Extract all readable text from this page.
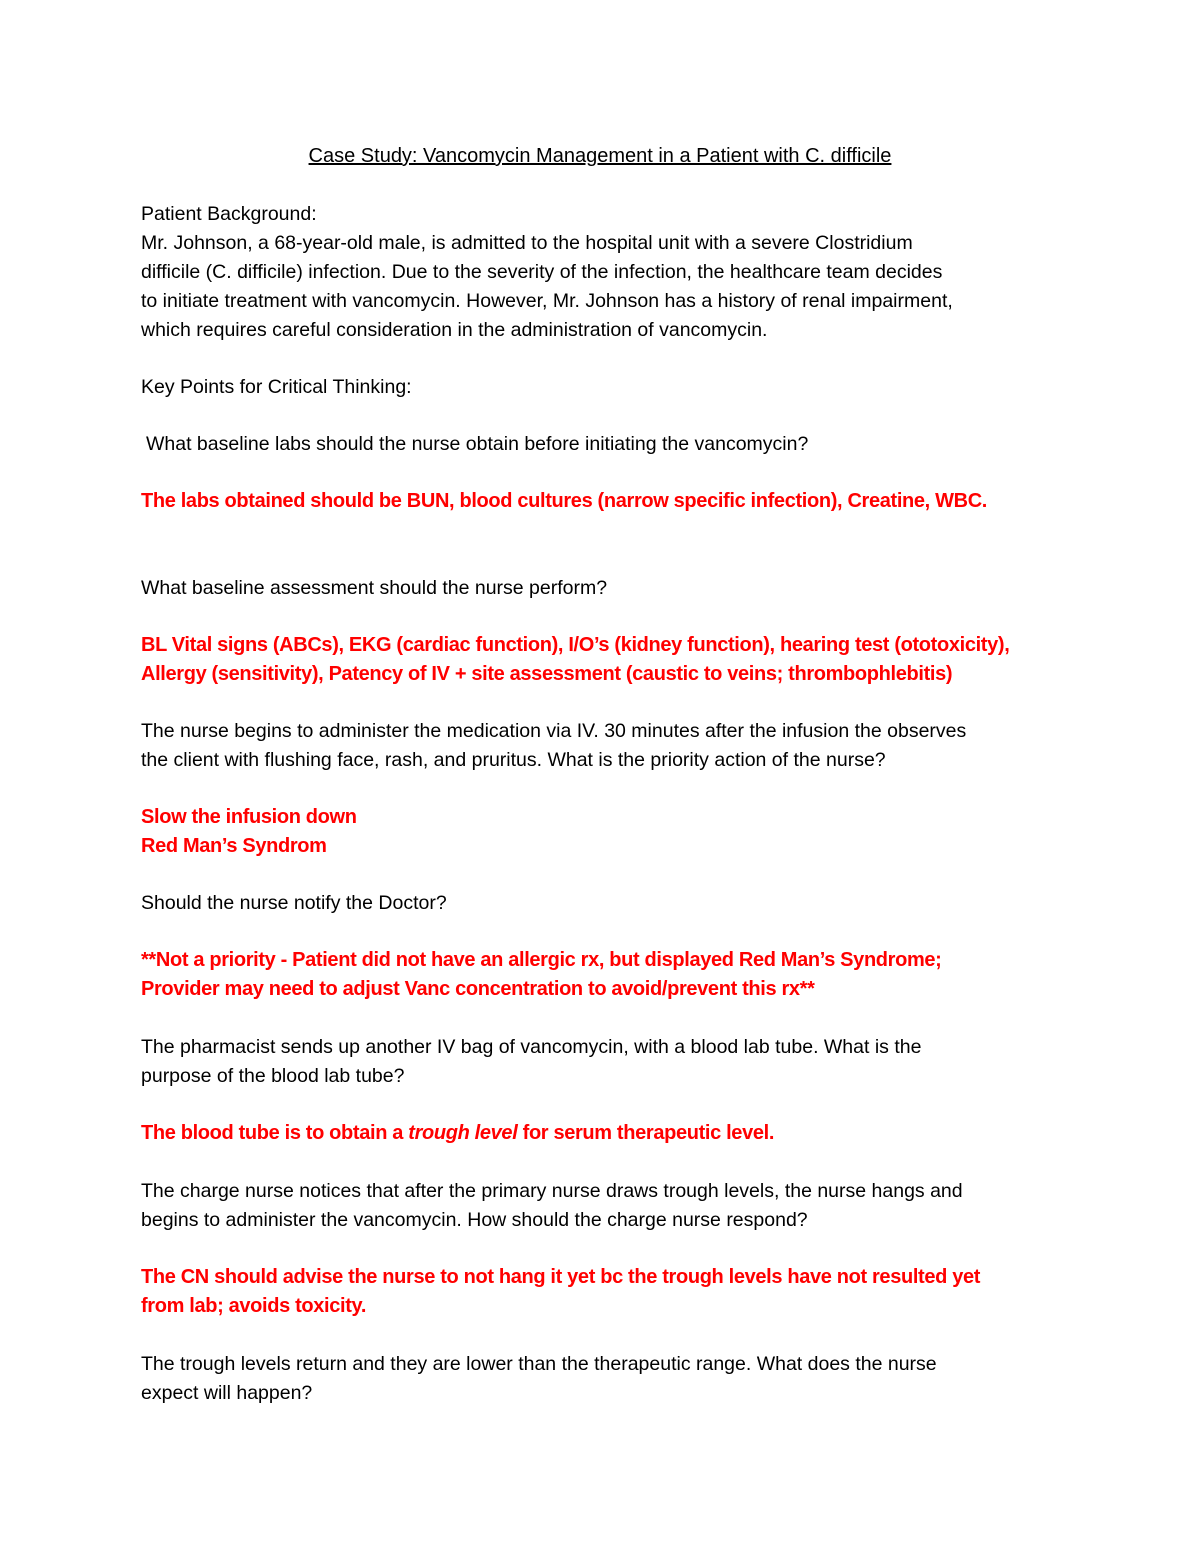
Case Study: Vancomycin Management in a Patient with C. difficile
Patient Background:
Mr. Johnson, a 68-year-old male, is admitted to the hospital unit with a severe Clostridium
difficile (C. difficile) infection. Due to the severity of the infection, the healthcare team decides
to initiate treatment with vancomycin. However, Mr. Johnson has a history of renal impairment,
which requires careful consideration in the administration of vancomycin.
Key Points for Critical Thinking:
What baseline labs should the nurse obtain before initiating the vancomycin?
The labs obtained should be BUN, blood cultures (narrow specific infection), Creatine, WBC.
What baseline assessment should the nurse perform?
BL Vital signs (ABCs), EKG (cardiac function), I/O’s (kidney function), hearing test (ototoxicity),
Allergy (sensitivity), Patency of IV + site assessment (caustic to veins; thrombophlebitis)
The nurse begins to administer the medication via IV. 30 minutes after the infusion the observes
the client with flushing face, rash, and pruritus. What is the priority action of the nurse?
Slow the infusion down
Red Man’s Syndrom
Should the nurse notify the Doctor?
**Not a priority - Patient did not have an allergic rx, but displayed Red Man’s Syndrome;
Provider may need to adjust Vanc concentration to avoid/prevent this rx**
The pharmacist sends up another IV bag of vancomycin, with a blood lab tube. What is the
purpose of the blood lab tube?
The blood tube is to obtain a trough level for serum therapeutic level.
The charge nurse notices that after the primary nurse draws trough levels, the nurse hangs and
begins to administer the vancomycin. How should the charge nurse respond?
The CN should advise the nurse to not hang it yet bc the trough levels have not resulted yet
from lab; avoids toxicity.
The trough levels return and they are lower than the therapeutic range. What does the nurse
expect will happen?
